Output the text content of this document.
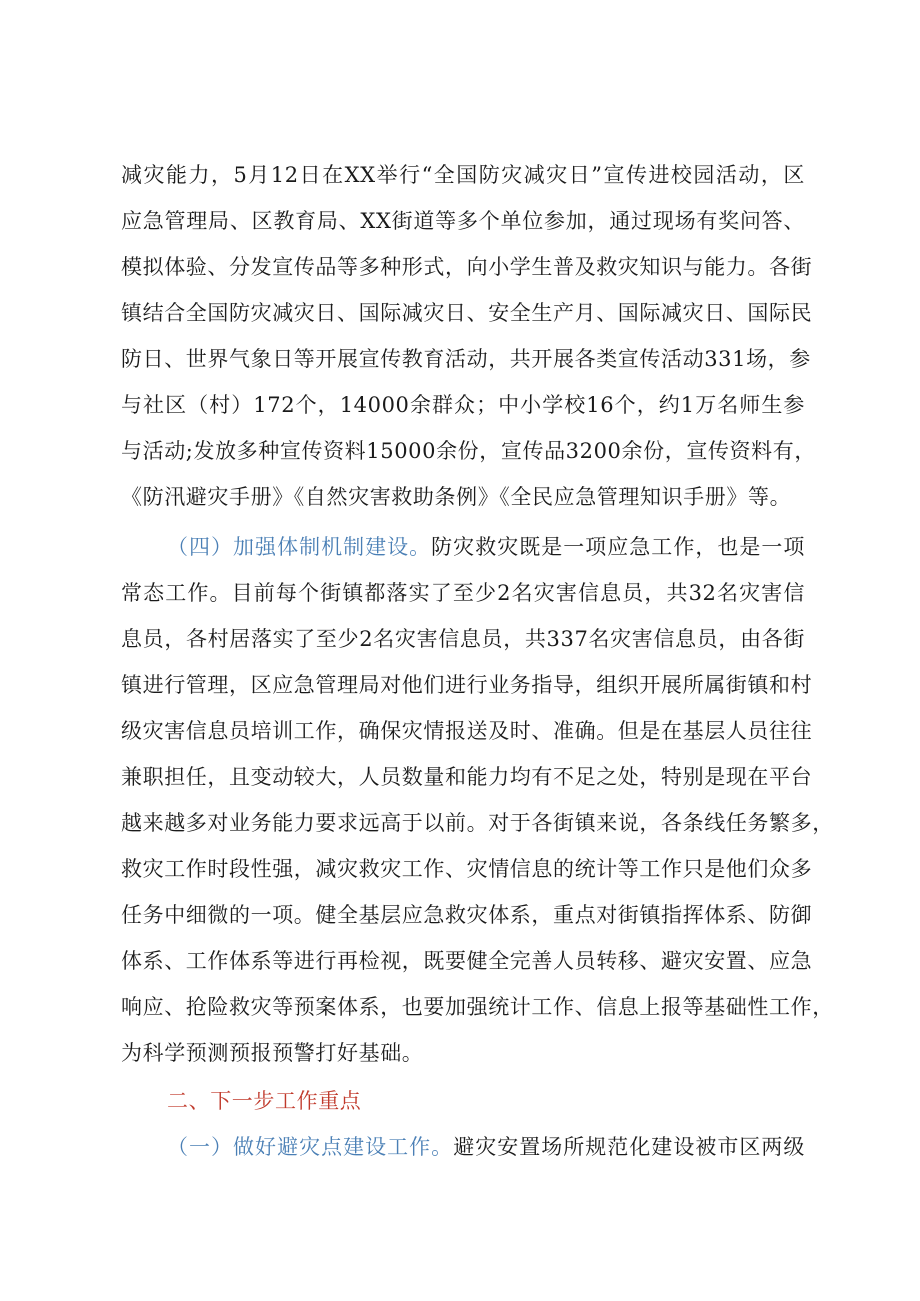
减灾能力，5月12日在XX举行“全国防灾减灾日”宣传进校园活动，区
应急管理局、区教育局、XX街道等多个单位参加，通过现场有奖问答、
模拟体验、分发宣传品等多种形式，向小学生普及救灾知识与能力。各街
镇结合全国防灾减灾日、国际减灾日、安全生产月、国际减灾日、国际民
防日、世界气象日等开展宣传教育活动，共开展各类宣传活动331场，参
与社区（村）172个，14000余群众；中小学校16个，约1万名师生参
与活动;发放多种宣传资料15000余份，宣传品3200余份，宣传资料有，
《防汛避灾手册》《自然灾害救助条例》《全民应急管理知识手册》等。
（四）加强体制机制建设。防灾救灾既是一项应急工作，也是一项
常态工作。目前每个街镇都落实了至少2名灾害信息员，共32名灾害信
息员，各村居落实了至少2名灾害信息员，共337名灾害信息员，由各街
镇进行管理，区应急管理局对他们进行业务指导，组织开展所属街镇和村
级灾害信息员培训工作，确保灾情报送及时、准确。但是在基层人员往往
兼职担任，且变动较大，人员数量和能力均有不足之处，特别是现在平台
越来越多对业务能力要求远高于以前。对于各街镇来说，各条线任务繁多，
救灾工作时段性强，减灾救灾工作、灾情信息的统计等工作只是他们众多
任务中细微的一项。健全基层应急救灾体系，重点对街镇指挥体系、防御
体系、工作体系等进行再检视，既要健全完善人员转移、避灾安置、应急
响应、抢险救灾等预案体系，也要加强统计工作、信息上报等基础性工作，
为科学预测预报预警打好基础。
二、下一步工作重点
（一）做好避灾点建设工作。避灾安置场所规范化建设被市区两级
